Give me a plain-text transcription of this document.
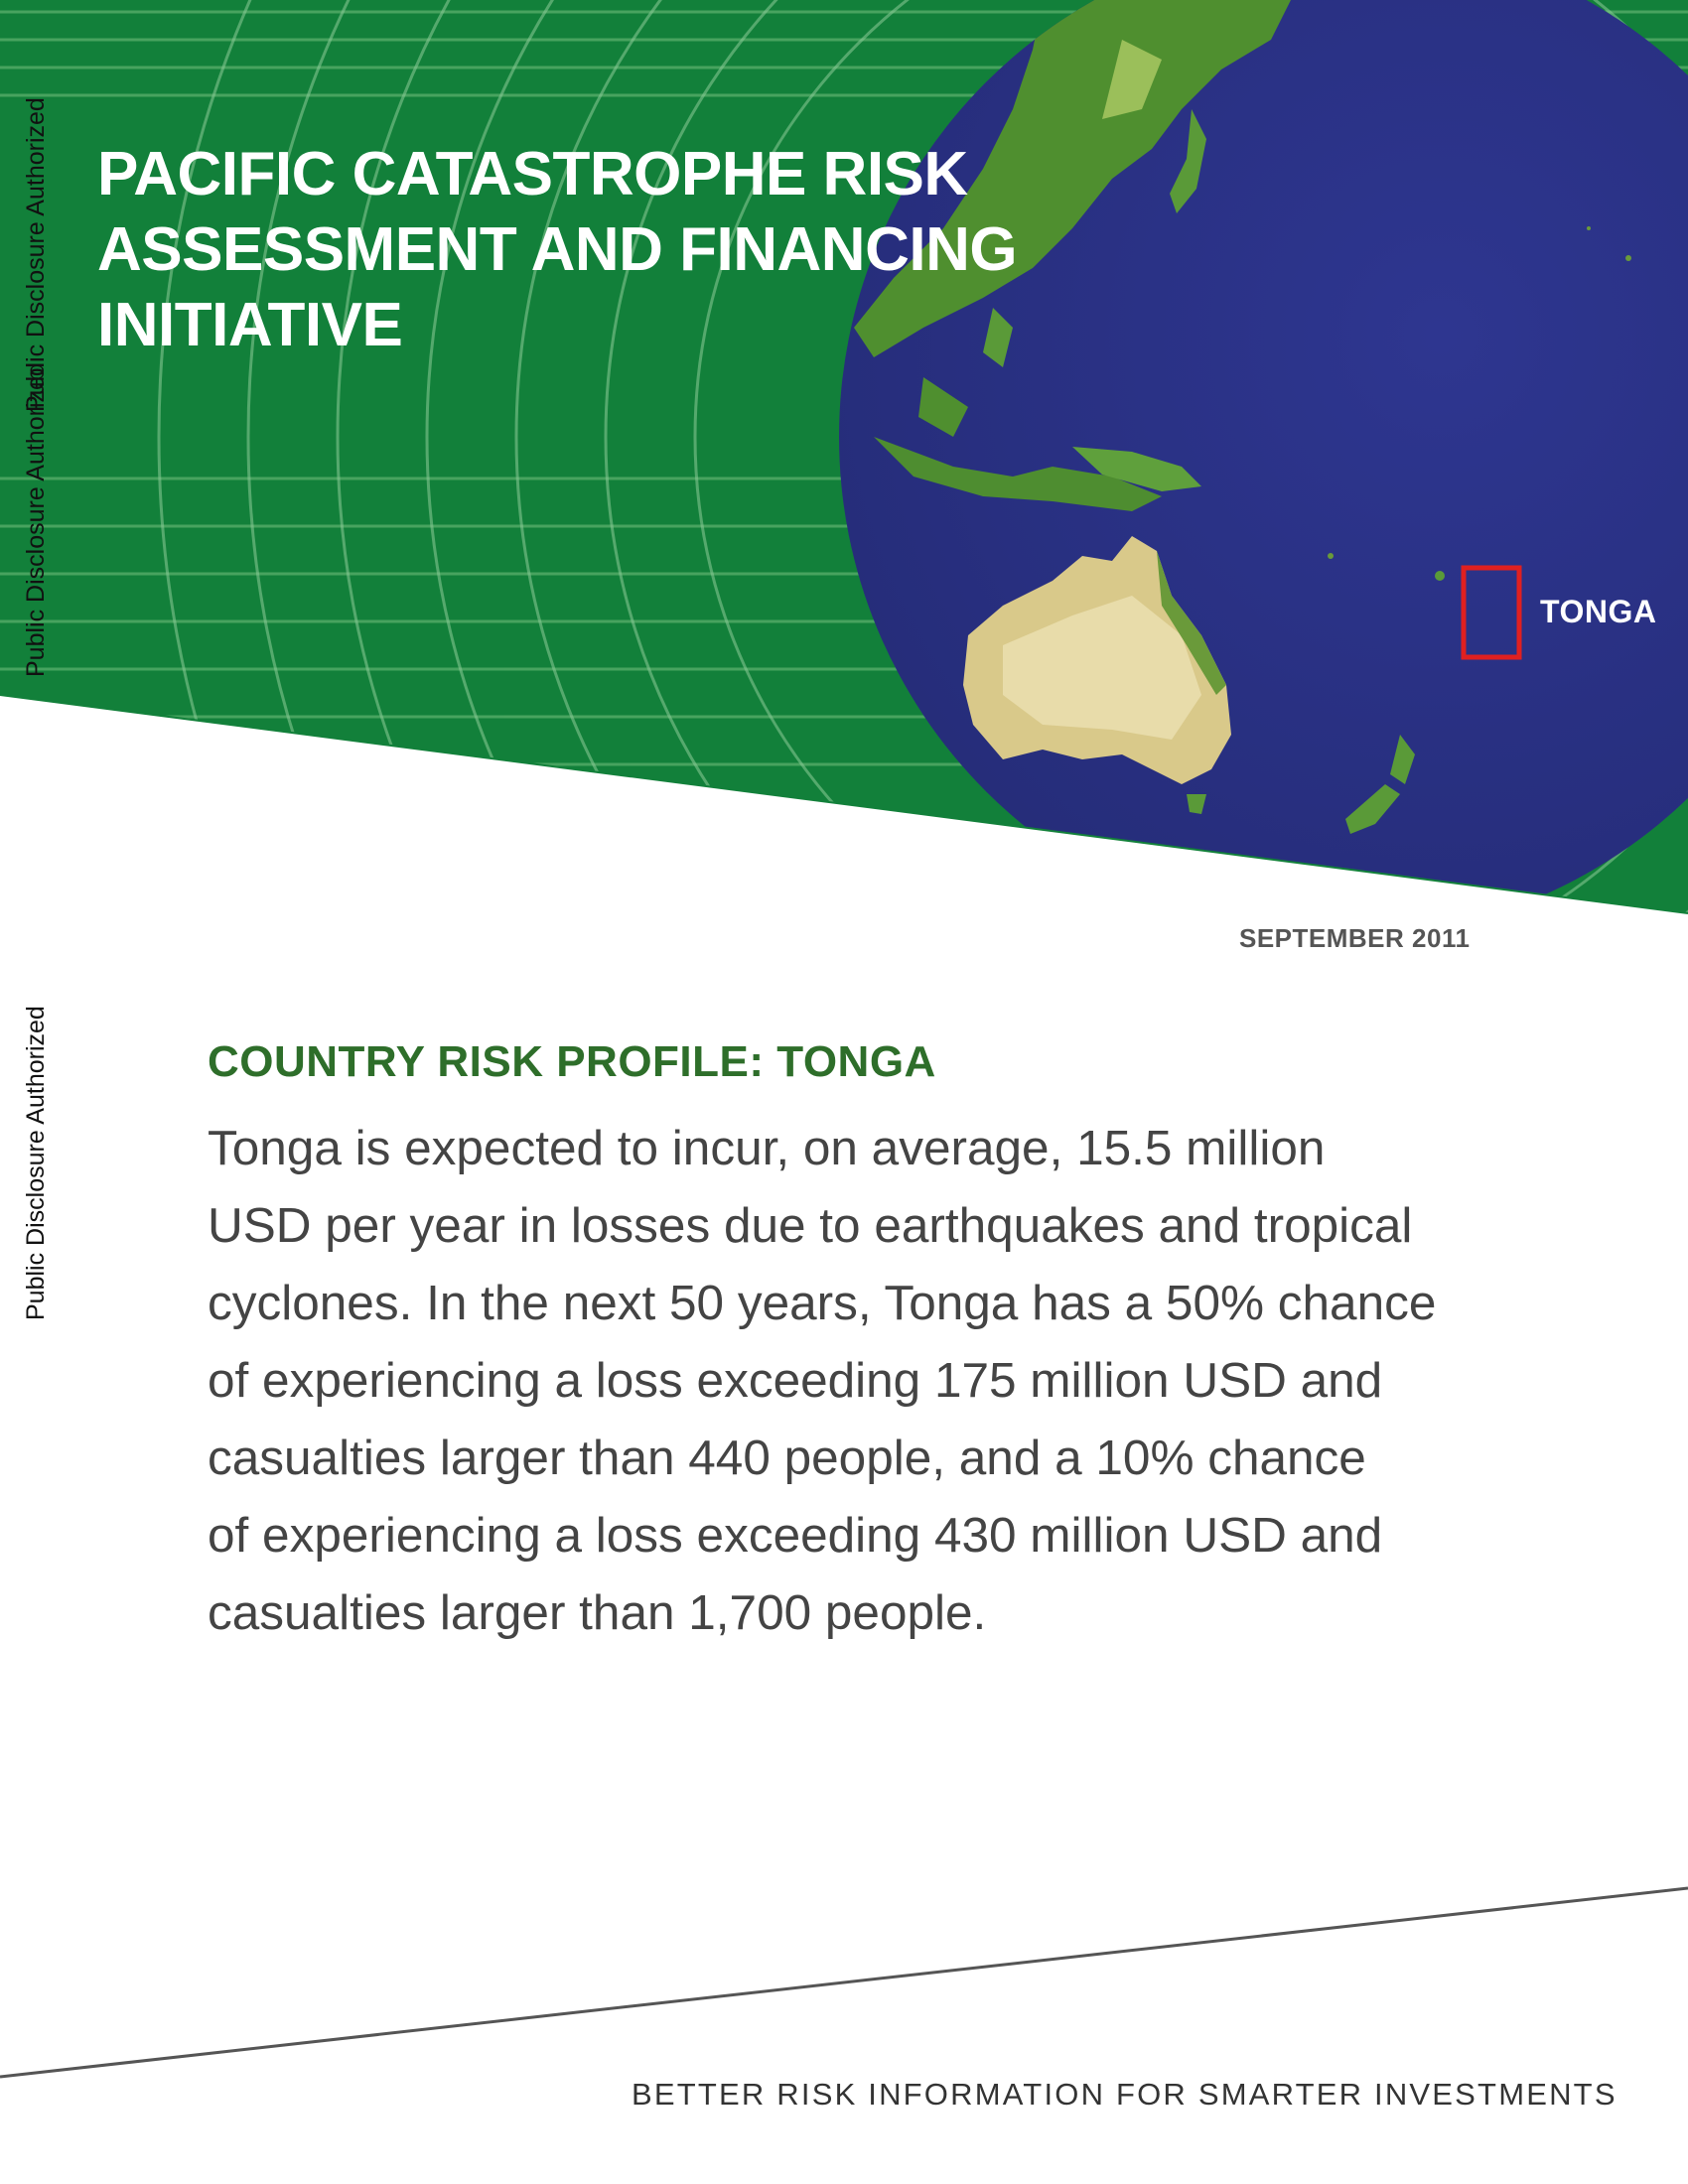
PACIFIC CATASTROPHE RISK
ASSESSMENT AND FINANCING
INITIATIVE
TONGA
Public Disclosure Authorized
Public Disclosure Authorized
Public Disclosure Authorized
SEPTEMBER 2011
COUNTRY RISK PROFILE: TONGA
Tonga is expected to incur, on average, 15.5 million
USD per year in losses due to earthquakes and tropical
cyclones. In the next 50 years, Tonga has a 50% chance
of experiencing a loss exceeding 175 million USD and
casualties larger than 440 people, and a 10% chance
of experiencing a loss exceeding 430 million USD and
casualties larger than 1,700 people.
BETTER RISK INFORMATION FOR SMARTER INVESTMENTS
